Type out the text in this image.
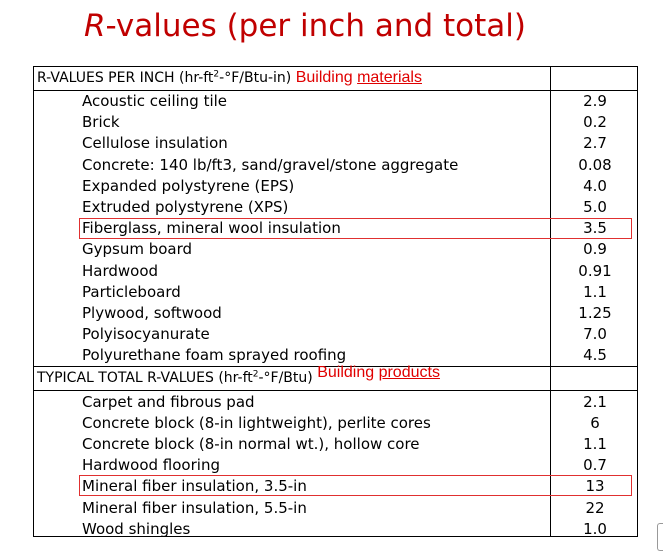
R-values (per inch and total)
R-VALUES PER INCH $(hr-ft^2-^\circ F/Btu-in)$ Building materials
Acoustic ceiling tile	2.9
Brick	0.2
Cellulose insulation	2.7
Concrete: 140 lb/ft3, sand/gravel/stone aggregate	0.08
Expanded polystyrene (EPS)	4.0
Extruded polystyrene (XPS)	5.0
Fiberglass, mineral wool insulation	3.5
Gypsum board	0.9
Hardwood	0.91
Particleboard	1.1
Plywood, softwood	1.25
Polyisocyanurate	7.0
Polyurethane foam sprayed roofing	4.5
TYPICAL TOTAL R-VALUES $(hr-ft^2-^\circ F/Btu)$ Building products
Carpet and fibrous pad	2.1
Concrete block (8-in lightweight), perlite cores	6
Concrete block (8-in normal wt.), hollow core	1.1
Hardwood flooring	0.7
Mineral fiber insulation, 3.5-in	13
Mineral fiber insulation, 5.5-in	22
Wood shingles	1.0
